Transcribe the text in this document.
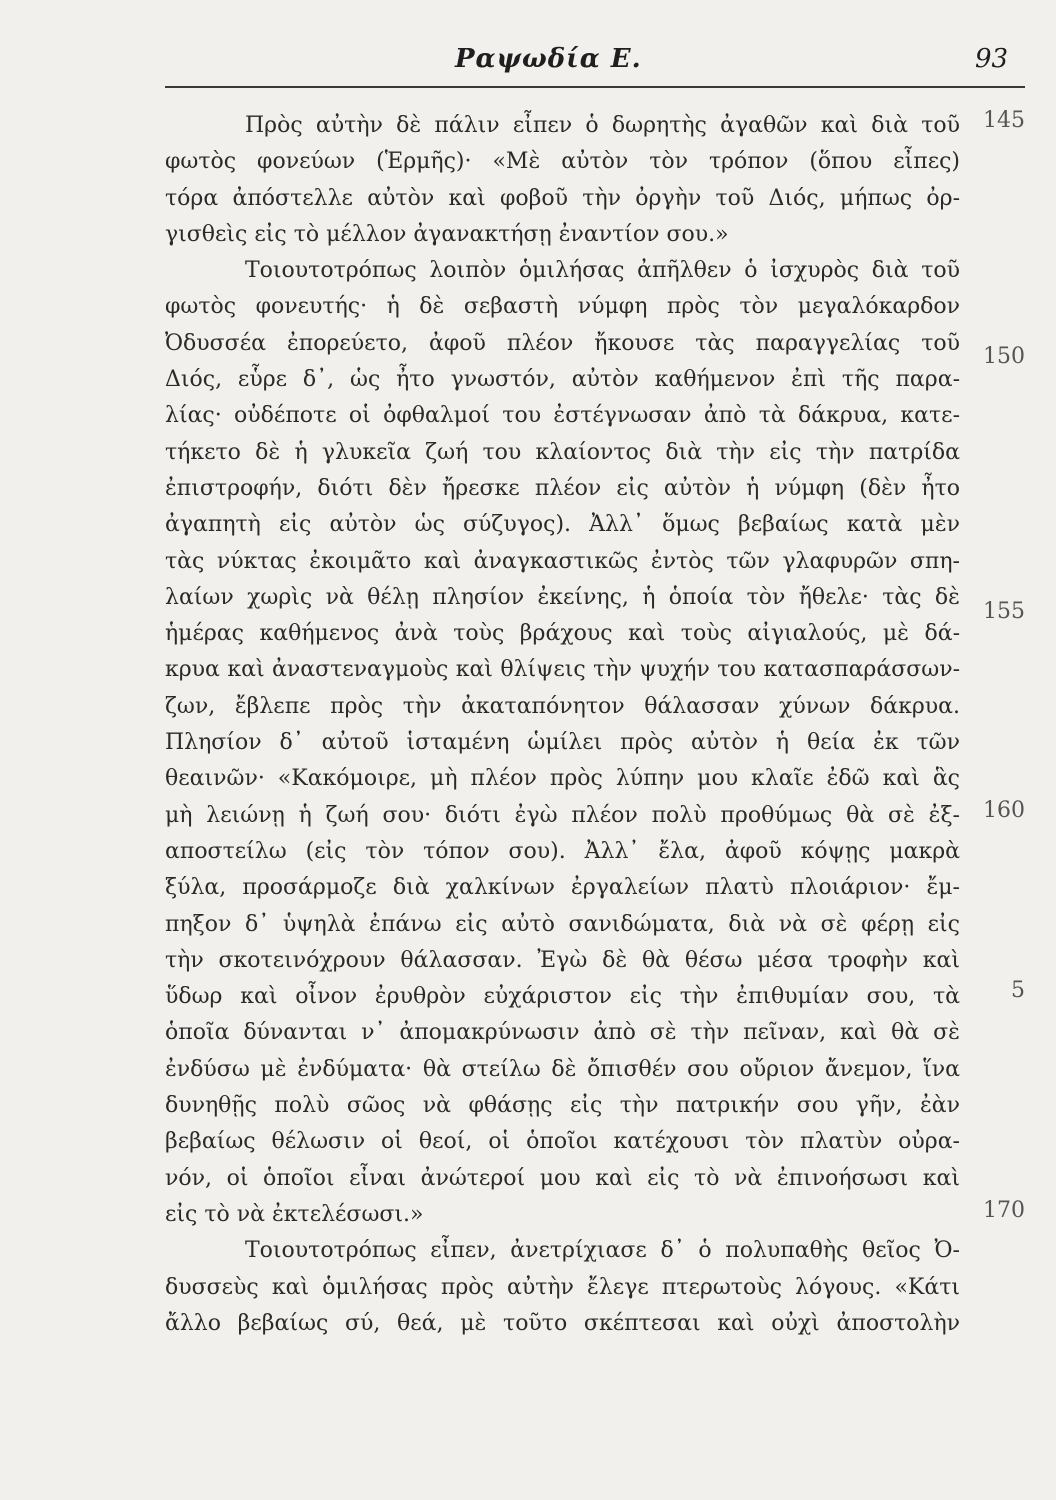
Ραψωδία Ε.	93
Πρὸς αὐτὴν δὲ πάλιν εἶπεν ὁ δωρητὴς ἀγαθῶν καὶ διὰ τοῦ
φωτὸς φονεύων (Ἑρμῆς)· «Μὲ αὐτὸν τὸν τρόπον (ὅπου εἶπες)
τόρα ἀπόστελλε αὐτὸν καὶ φοβοῦ τὴν ὀργὴν τοῦ Διός, μήπως ὀρ-
γισθεὶς εἰς τὸ μέλλον ἀγανακτήσῃ ἐναντίον σου.»
Τοιουτοτρόπως λοιπὸν ὁμιλήσας ἀπῆλθεν ὁ ἰσχυρὸς διὰ τοῦ
φωτὸς φονευτής· ἡ δὲ σεβαστὴ νύμφη πρὸς τὸν μεγαλόκαρδον
Ὀδυσσέα ἐπορεύετο, ἀφοῦ πλέον ἤκουσε τὰς παραγγελίας τοῦ
Διός, εὗρε δ᾽, ὡς ἦτο γνωστόν, αὐτὸν καθήμενον ἐπὶ τῆς παρα-
λίας· οὐδέποτε οἱ ὀφθαλμοί του ἐστέγνωσαν ἀπὸ τὰ δάκρυα, κατε-
τήκετο δὲ ἡ γλυκεῖα ζωή του κλαίοντος διὰ τὴν εἰς τὴν πατρίδα
ἐπιστροφήν, διότι δὲν ἤρεσκε πλέον εἰς αὐτὸν ἡ νύμφη (δὲν ἦτο
ἀγαπητὴ εἰς αὐτὸν ὡς σύζυγος). Ἀλλ᾽ ὅμως βεβαίως κατὰ μὲν
τὰς νύκτας ἐκοιμᾶτο καὶ ἀναγκαστικῶς ἐντὸς τῶν γλαφυρῶν σπη-
λαίων χωρὶς νὰ θέλῃ πλησίον ἐκείνης, ἡ ὁποία τὸν ἤθελε· τὰς δὲ
ἡμέρας καθήμενος ἀνὰ τοὺς βράχους καὶ τοὺς αἰγιαλούς, μὲ δά-
κρυα καὶ ἀναστεναγμοὺς καὶ θλίψεις τὴν ψυχήν του κατασπαράσσων-
ζων, ἔβλεπε πρὸς τὴν ἀκαταπόνητον θάλασσαν χύνων δάκρυα.
Πλησίον δ᾽ αὐτοῦ ἱσταμένη ὡμίλει πρὸς αὐτὸν ἡ θεία ἐκ τῶν
θεαινῶν· «Κακόμοιρε, μὴ πλέον πρὸς λύπην μου κλαῖε ἐδῶ καὶ ἃς
μὴ λειώνῃ ἡ ζωή σου· διότι ἐγὼ πλέον πολὺ προθύμως θὰ σὲ ἐξ-
αποστείλω (εἰς τὸν τόπον σου). Ἀλλ᾽ ἔλα, ἀφοῦ κόψῃς μακρὰ
ξύλα, προσάρμοζε διὰ χαλκίνων ἐργαλείων πλατὺ πλοιάριον· ἔμ-
πηξον δ᾽ ὑψηλὰ ἐπάνω εἰς αὐτὸ σανιδώματα, διὰ νὰ σὲ φέρῃ εἰς
τὴν σκοτεινόχρουν θάλασσαν. Ἐγὼ δὲ θὰ θέσω μέσα τροφὴν καὶ
ὕδωρ καὶ οἶνον ἐρυθρὸν εὐχάριστον εἰς τὴν ἐπιθυμίαν σου, τὰ
ὁποῖα δύνανται ν᾽ ἀπομακρύνωσιν ἀπὸ σὲ τὴν πεῖναν, καὶ θὰ σὲ
ἐνδύσω μὲ ἐνδύματα· θὰ στείλω δὲ ὄπισθέν σου οὔριον ἄνεμον, ἵνα
δυνηθῇς πολὺ σῶος νὰ φθάσῃς εἰς τὴν πατρικήν σου γῆν, ἐὰν
βεβαίως θέλωσιν οἱ θεοί, οἱ ὁποῖοι κατέχουσι τὸν πλατὺν οὐρα-
νόν, οἱ ὁποῖοι εἶναι ἀνώτεροί μου καὶ εἰς τὸ νὰ ἐπινοήσωσι καὶ
εἰς τὸ νὰ ἐκτελέσωσι.»
Τοιουτοτρόπως εἶπεν, ἀνετρίχιασε δ᾽ ὁ πολυπαθὴς θεῖος Ὀ-
δυσσεὺς καὶ ὁμιλήσας πρὸς αὐτὴν ἔλεγε πτερωτοὺς λόγους. «Κάτι
ἄλλο βεβαίως σύ, θεά, μὲ τοῦτο σκέπτεσαι καὶ οὐχὶ ἀποστολὴν
145
150
155
160
5
170
